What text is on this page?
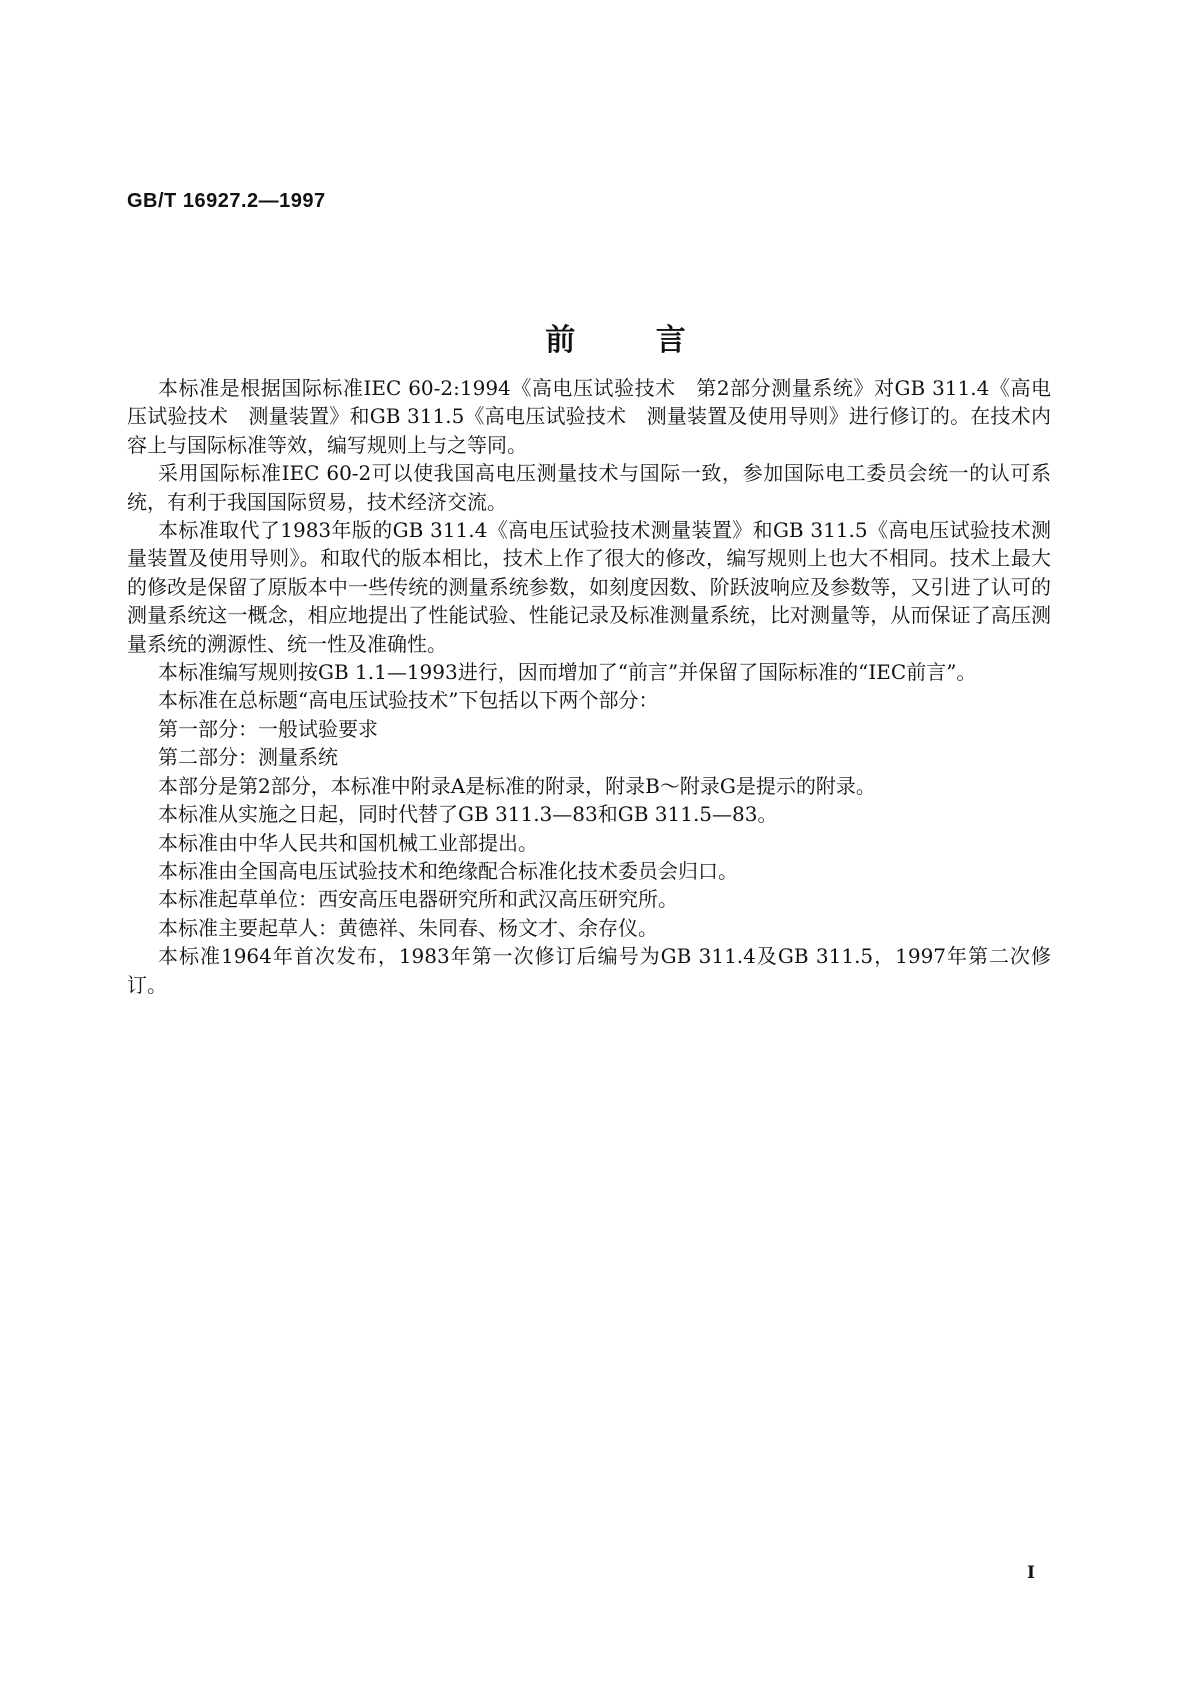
GB/T 16927.2—1997
前 言

本标准是根据国际标准IEC 60-2:1994《高电压试验技术　第2部分测量系统》对GB 311.4《高电压试验技术　测量装置》和GB 311.5《高电压试验技术　测量装置及使用导则》进行修订的。在技术内容上与国际标准等效，编写规则上与之等同。

采用国际标准IEC 60-2可以使我国高电压测量技术与国际一致，参加国际电工委员会统一的认可系统，有利于我国国际贸易，技术经济交流。

本标准取代了1983年版的GB 311.4《高电压试验技术测量装置》和GB 311.5《高电压试验技术测量装置及使用导则》。和取代的版本相比，技术上作了很大的修改，编写规则上也大不相同。技术上最大的修改是保留了原版本中一些传统的测量系统参数，如刻度因数、阶跃波响应及参数等，又引进了认可的测量系统这一概念，相应地提出了性能试验、性能记录及标准测量系统，比对测量等，从而保证了高压测量系统的溯源性、统一性及准确性。

本标准编写规则按GB 1.1—1993进行，因而增加了“前言”并保留了国际标准的“IEC前言”。

本标准在总标题“高电压试验技术”下包括以下两个部分：

第一部分：一般试验要求

第二部分：测量系统

本部分是第2部分，本标准中附录A是标准的附录，附录B～附录G是提示的附录。

本标准从实施之日起，同时代替了GB 311.3—83和GB 311.5—83。

本标准由中华人民共和国机械工业部提出。

本标准由全国高电压试验技术和绝缘配合标准化技术委员会归口。

本标准起草单位：西安高压电器研究所和武汉高压研究所。

本标准主要起草人：黄德祥、朱同春、杨文才、余存仪。

本标准1964年首次发布，1983年第一次修订后编号为GB 311.4及GB 311.5，1997年第二次修订。

I
